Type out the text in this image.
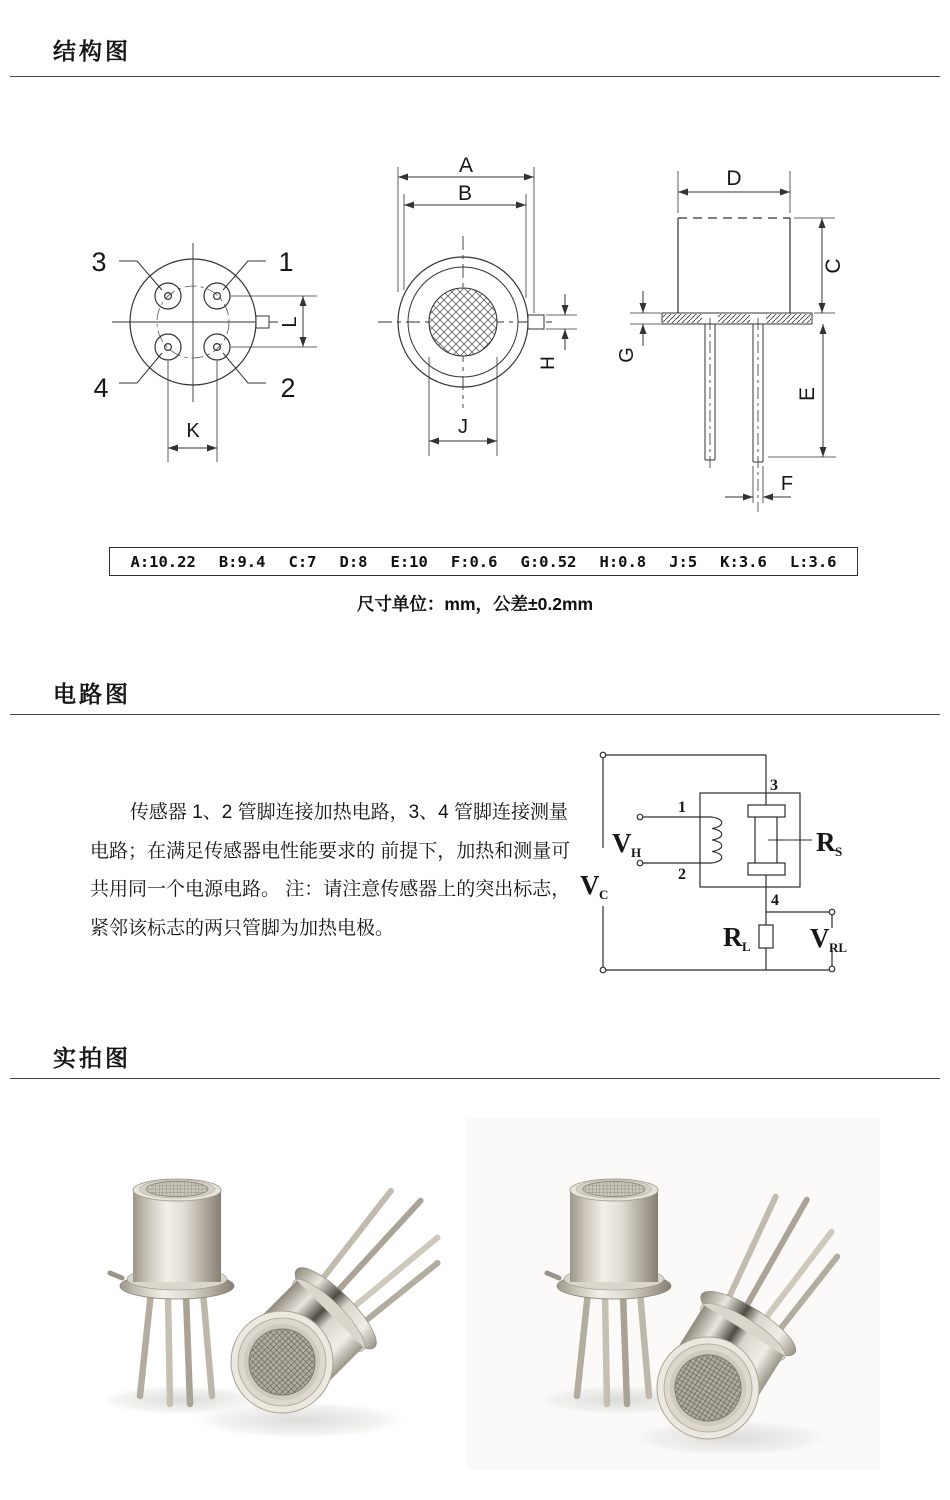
结构图
3	1
4	2
L
K
A
B
H
J
D
C
G
E
F
A:10.22 B:9.4 C:7 D:8 E:10 F:0.6 G:0.52 H:0.8 J:5 K:3.6 L:3.6
尺寸单位：mm，公差±0.2mm
电路图
传感器 1、2 管脚连接加热电路，3、4 管脚连接测量
电路；在满足传感器电性能要求的 前提下，加热和测量可
共用同一个电源电路。 注：请注意传感器上的突出标志，
紧邻该标志的两只管脚为加热电极。
3
1
2
4
V H
V C
R S
R L V RL
实拍图
